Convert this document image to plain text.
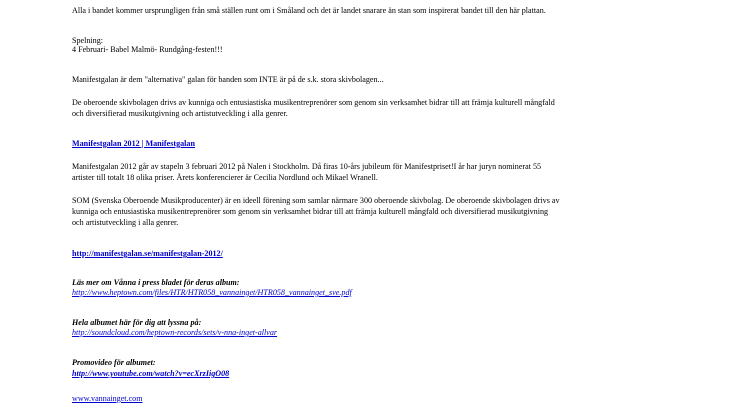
Alla i bandet kommer ursprungligen från små ställen runt om i Småland och det är landet snarare än stan som inspirerat bandet till den här plattan.

Spelning:

4 Februari- Babel Malmö- Rundgång-festen!!!

Manifestgalan är dem "alternativa" galan för banden som INTE är på de s.k. stora skivbolagen...

De oberoende skivbolagen drivs av kunniga och entusiastiska musikentreprenörer som genom sin verksamhet bidrar till att främja kulturell mångfald

och diversifierad musikutgivning och artistutveckling i alla genrer.

Manifestgalan 2012 | Manifestgalan

Manifestgalan 2012 går av stapeln 3 februari 2012 på Nalen i Stockholm. Då firas 10-års jubileum för Manifestpriset!I år har juryn nominerat 55

artister till totalt 18 olika priser. Årets konferencierer är Cecilia Nordlund och Mikael Wranell.

SOM (Svenska Oberoende Musikproducenter) är en ideell förening som samlar närmare 300 oberoende skivbolag. De oberoende skivbolagen drivs av

kunniga och entusiastiska musikentreprenörer som genom sin verksamhet bidrar till att främja kulturell mångfald och diversifierad musikutgivning

och artistutveckling i alla genrer.

http://manifestgalan.se/manifestgalan-2012/

Läs mer om Vånna i press bladet för deras album:

http://www.heptown.com/files/HTR/HTR058_vannainget/HTR058_vannainget_sve.pdf

Hela albumet här för dig att lyssna på:

http://soundcloud.com/heptown-records/sets/v-nna-inget-allvar

Promovideo för albumet:

http://www.youtube.com/watch?v=ecXrzIigO08
www.vannainget.com
